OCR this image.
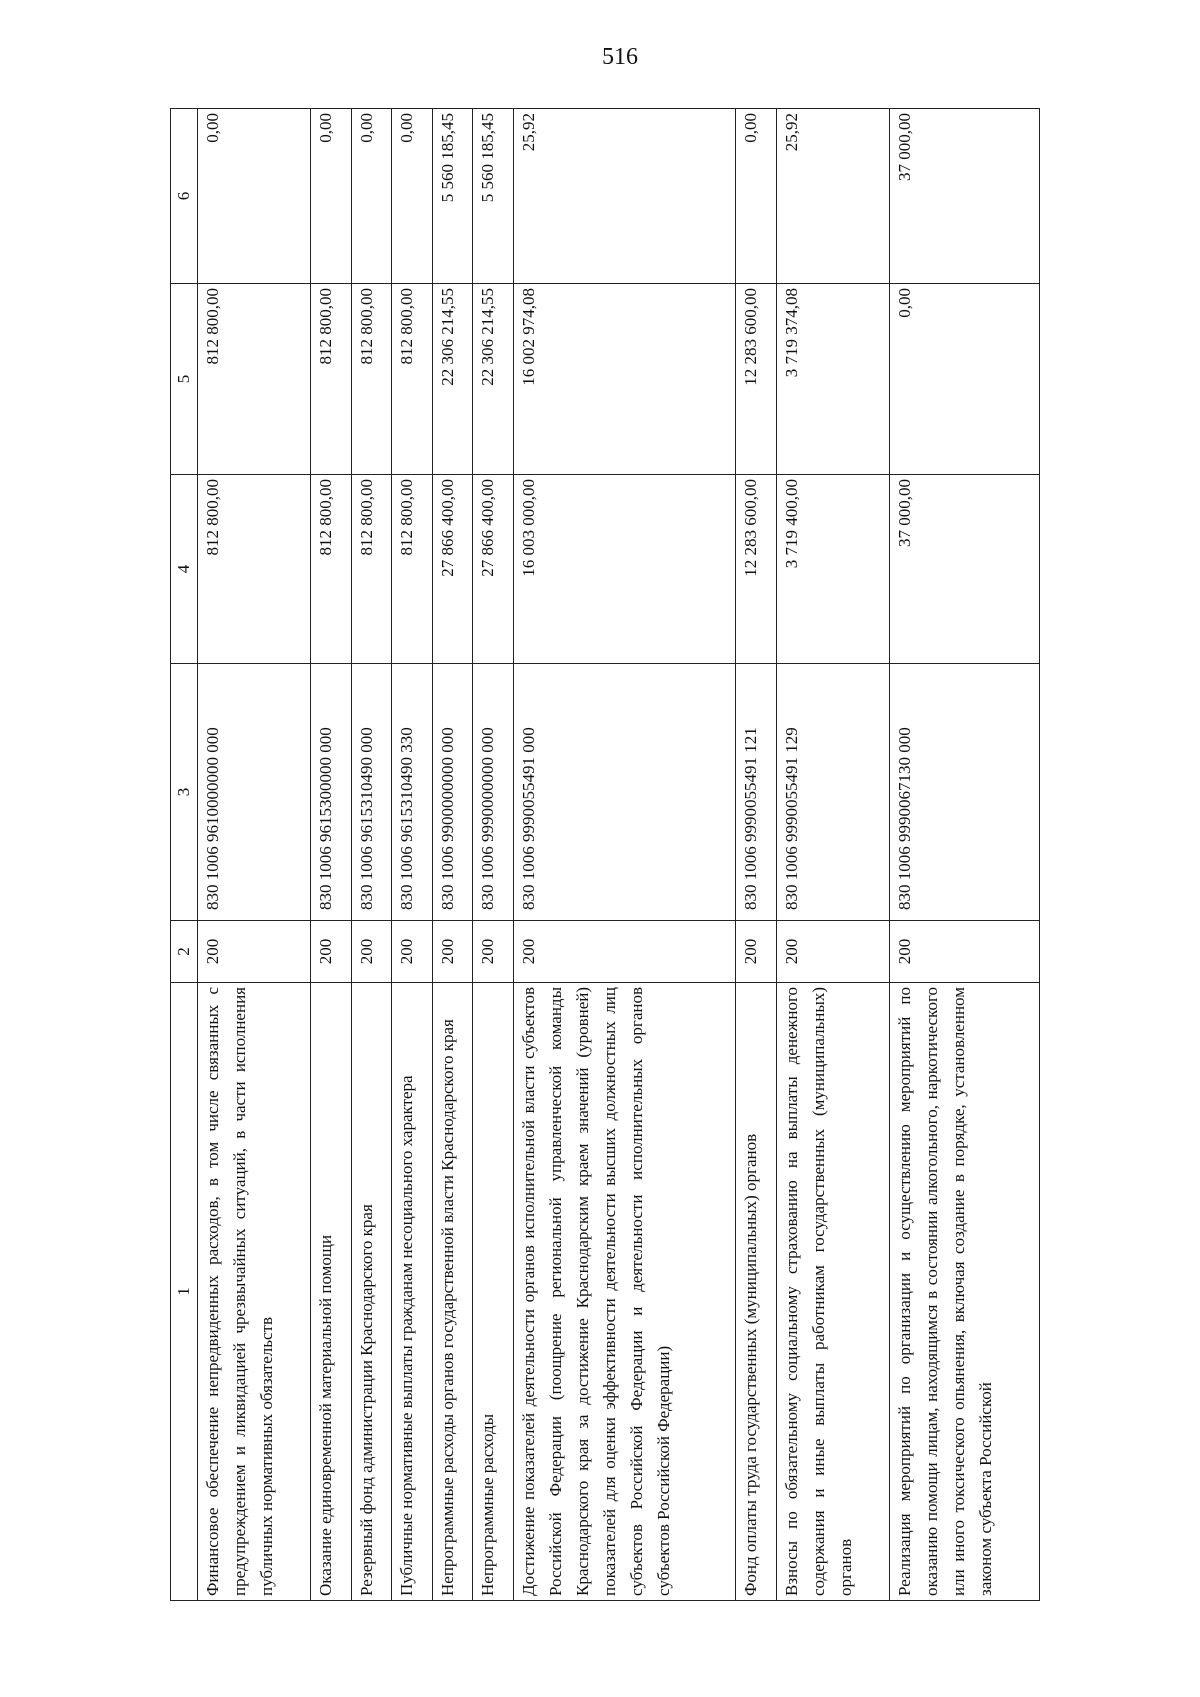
516
1	2	3	4	5	6
Финансовое обеспечение непредвиденных расходов, в том числе связанных с предупреждением и ликвидацией чрезвычайных ситуаций, в части исполнения публичных нормативных обязательств	200	830 1006 9610000000 000	812 800,00	812 800,00	0,00
Оказание единовременной материальной помощи	200	830 1006 9615300000 000	812 800,00	812 800,00	0,00
Резервный фонд администрации Краснодарского края	200	830 1006 9615310490 000	812 800,00	812 800,00	0,00
Публичные нормативные выплаты гражданам несоциального характера	200	830 1006 9615310490 330	812 800,00	812 800,00	0,00
Непрограммные расходы органов государственной власти Краснодарского края	200	830 1006 9900000000 000	27 866 400,00	22 306 214,55	5 560 185,45
Непрограммные расходы	200	830 1006 9990000000 000	27 866 400,00	22 306 214,55	5 560 185,45
Достижение показателей деятельности органов исполнительной власти субъектов Российской Федерации (поощрение региональной управленческой команды Краснодарского края за достижение Краснодарским краем значений (уровней) показателей для оценки эффективности деятельности высших должностных лиц субъектов Российской Федерации и деятельности исполнительных органов субъектов Российской Федерации)	200	830 1006 9990055491 000	16 003 000,00	16 002 974,08	25,92
Фонд оплаты труда государственных (муниципальных) органов	200	830 1006 9990055491 121	12 283 600,00	12 283 600,00	0,00
Взносы по обязательному социальному страхованию на выплаты денежного содержания и иные выплаты работникам государственных (муниципальных) органов	200	830 1006 9990055491 129	3 719 400,00	3 719 374,08	25,92
Реализация мероприятий по организации и осуществлению мероприятий по оказанию помощи лицам, находящимся в состоянии алкогольного, наркотического или иного токсического опьянения, включая создание в порядке, установленном законом субъекта Российской	200	830 1006 9990067130 000	37 000,00	0,00	37 000,00
